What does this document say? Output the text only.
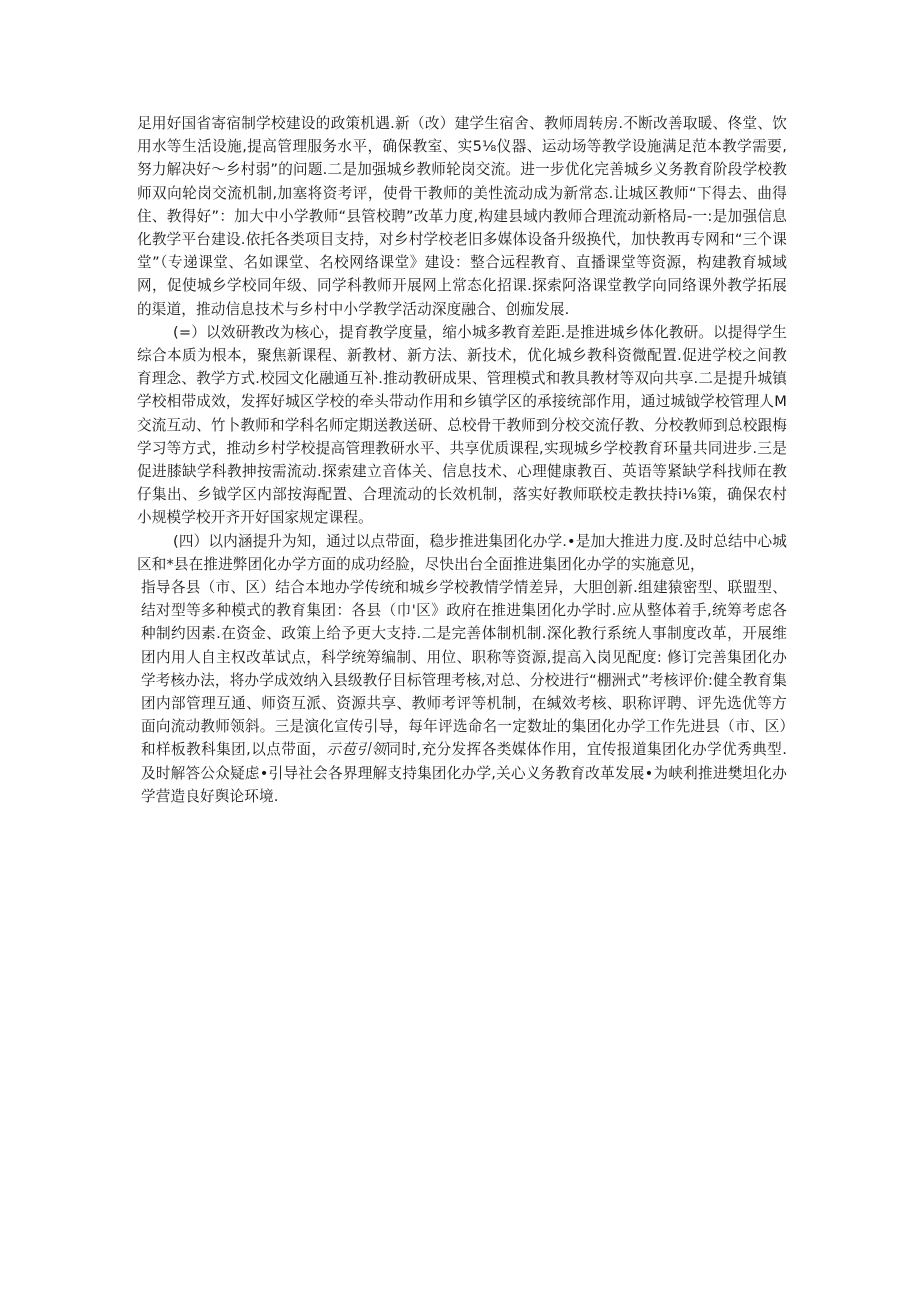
足用好国省寄宿制学校建设的政策机遇.新（改）建学生宿舍、教师周转房.不断改善取暖、佟堂、饮用水等生活设施,提高管理服务水平，确保教室、实5⅛仪器、运动场等教学设施满足范本教学需要,努力解决好～乡村弱”的问题.二是加强城乡教师轮岗交流。进一步优化完善城乡义务教育阶段学校教师双向轮岗交流机制,加塞将资考评，使骨干教师的美性流动成为新常态.让城区教师“下得去、曲得住、教得好”：加大中小学教师“县管校聘”改革力度,构建县域内教师合理流动新格局-一:是加强信息化教学平台建设.依托各类项目支持，对乡村学校老旧多媒体设备升级换代，加快教再专网和“三个课堂”（专递课堂、名如课堂、名校网络课堂》建设：整合远程教育、直播课堂等资源，构建教育城域网，促使城乡学校同年级、同学科教师开展网上常态化招课.探索阿洛课堂教学向同络课外教学拓展的渠道，推动信息技术与乡村中小学教学活动深度融合、创痂发展.

(=）以效研教改为核心，提育教学度量，缩小城多教育差距.是推进城乡体化教研。以提得学生综合本质为根本，聚焦新课程、新教材、新方法、新技术，优化城乡教科资微配置.促进学校之间教育理念、教学方式.校园文化融通互补.推动教研成果、管理模式和教具教材等双向共享.二是提升城镇学校相带成效，发挥好城区学校的牵头带动作用和乡镇学区的承接统部作用，通过城钺学校管理人M交流互动、竹卜教师和学科名师定期送教送研、总校骨干教师到分校交流仔教、分校教师到总校跟梅学习等方式，推动乡村学校提高管理教研水平、共享优质课程,实现城乡学校教育环量共同进步.三是促进膝缺学科教抻按需流动.探索建立音体关、信息技术、心理健康教百、英语等紧缺学科找师在教仔集出、乡钺学区内部按海配置、合理流动的长效机制，落实好教师联校走教扶持ⅰ⅛策，确保农村小规模学校开齐开好国家规定课程。

(四）以内涵提升为知，通过以点带面，稳步推进集团化办学.•是加大推进力度.及时总结中心城区和*县在推进弊团化办学方面的成功经脸，尽快出台全面推进集团化办学的实施意见，

指导各县（市、区）结合本地办学传统和城乡学校教情学情差异，大胆创新.组建猿密型、联盟型、结对型等多种模式的教育集团：各县（巾'区》政府在推进集团化办学时.应从整体着手,统筹考虑各种制约因素.在资金、政策上给予更大支持.二是完善体制机制.深化教行系统人事制度改革，开展维团内用人自主权改革试点，科学统筹编制、用位、职称等资源,提高入岗见配度: 修订完善集团化办学考核办法，将办学成效纳入县级教仔目标管理考核,对总、分校进行“棚洲式”考核评价:健全教育集团内部管理互通、师资互派、资源共享、教师考评等机制，在缄效考核、职称评聘、评先选优等方面向流动教师领斜。三是演化宣传引导，每年评选命名一定数址的集团化办学工作先进县（市、区）和样板教科集团,以点带面，示苞引领同时,充分发挥各类媒体作用，宜传报道集团化办学优秀典型.及时解答公众疑虑•引导社会各界理解支持集团化办学,关心义务教育改革发展•为峡利推进樊坦化办学营造良好舆论环境.
